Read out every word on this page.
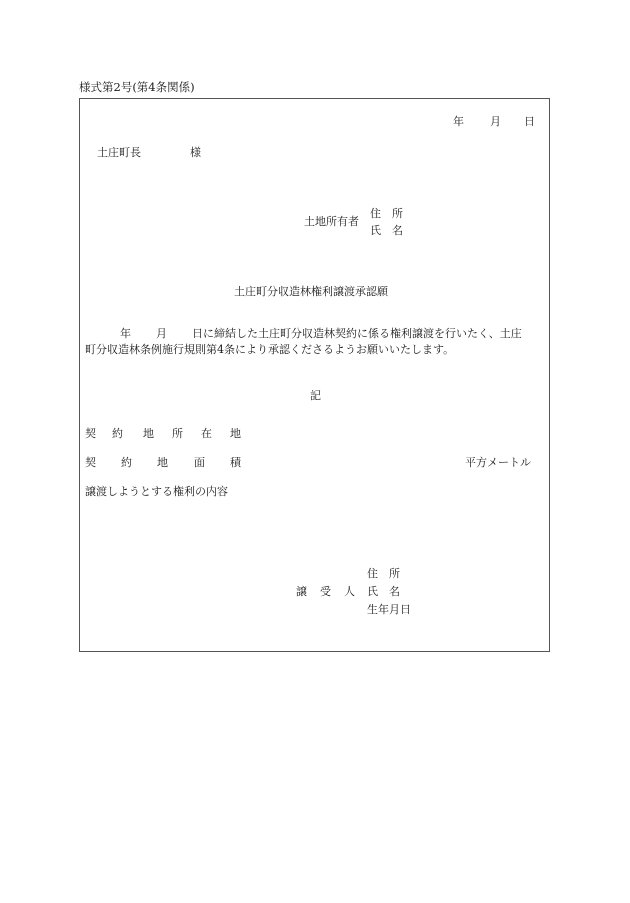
様式第2号(第4条関係)
年 月 日
土庄町長	様
土地所有者
住　所
氏　名
土庄町分収造林権利譲渡承認願
年 月 日に締結した土庄町分収造林契約に係る権利譲渡を行いたく、土庄
町分収造林条例施行規則第4条により承認くださるようお願いいたします。
記
契 約 地 所 在 地
契 約 地 面 積	平方メートル
譲渡しようとする権利の内容
住　所
譲 受 人 氏　名
生年月日
